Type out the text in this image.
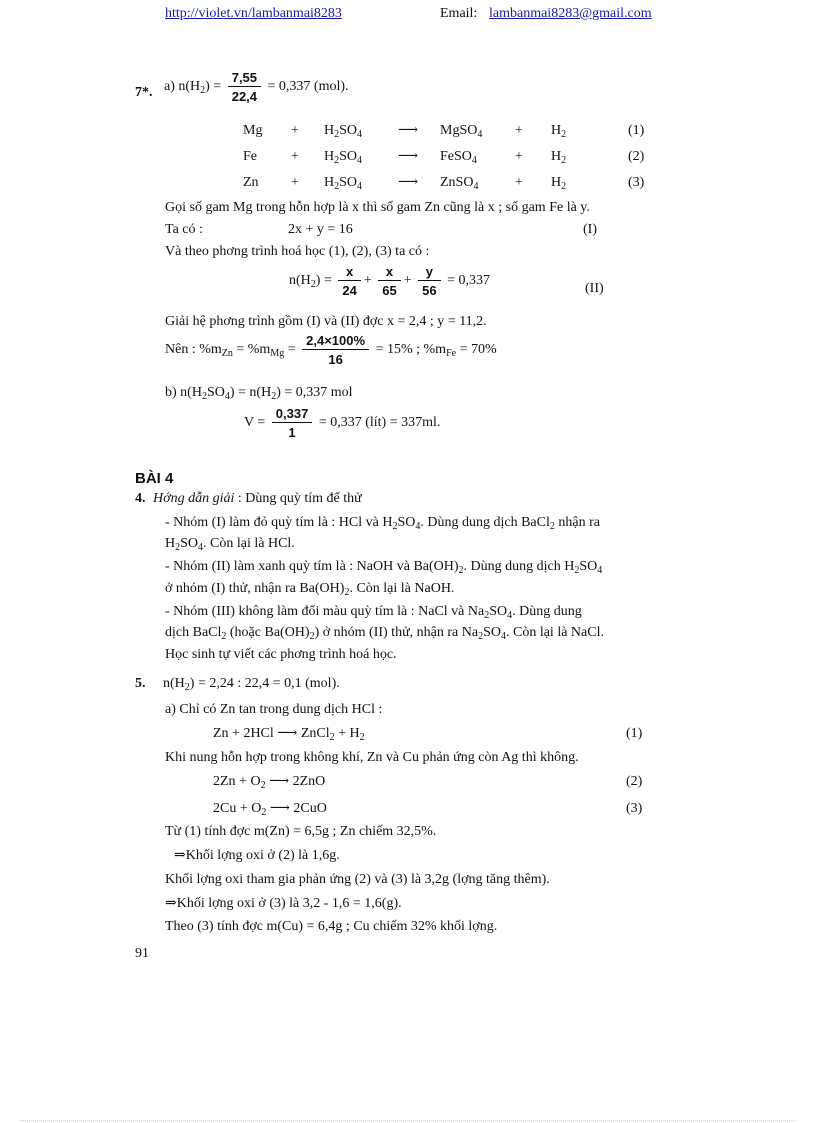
http://violet.vn/lambanmai8283	Email: lambanmai8283@gmail.com
7*. a) $n(H_2) = \frac{7,55}{22,4} = 0,337$ (mol).
$Mg + H_2SO_4$	⟶ MgSO$_4$ + $H_2$	(1)
$Fe + H_2SO_4$	⟶ FeSO$_4$	+ $H_2$	(2)
$Zn + H_2SO_4$	⟶ ZnSO$_4$	+ $H_2$	(3)
Gọi số gam Mg trong hỗn hợp là x thì số gam Zn cũng là x ; số gam Fe là y.
Ta có :	2x + y = 16	(I)
Và theo phơng trình hoá học (1), (2), (3) ta có :
$n(H_2) = \frac{x}{24} + \frac{x}{65} + \frac{y}{56} = 0,337$
(II)
Giải hệ phơng trình gồm (I) và (II) đợc x = 2,4 ; y = 11,2.
Nên : $\%m_{Zn} = \%m_{Mg} = \frac{2,4\times 100\%}{16} = 15\%$ ; $\%m_{Fe} = 70\%$
b) $n(H_2SO_4) = n(H_2) = 0,337$ mol
$V = \frac{0,337}{1} = 0,337$ (lít) = 337ml.
BÀI 4
4. Hớng dẫn giải : Dùng quỳ tím để thử
- Nhóm (I) làm đỏ quỳ tím là : HCl và $H_2SO_4$. Dùng dung dịch BaCl$_2$ nhận ra
$H_2SO_4$. Còn lại là HCl.
- Nhóm (II) làm xanh quỳ tím là : NaOH và $Ba(OH)_2$. Dùng dung dịch $H_2SO_4$
ở nhóm (I) thử, nhận ra $Ba(OH)_2$. Còn lại là NaOH.
- Nhóm (III) không làm đổi màu quỳ tím là : NaCl và $Na_2SO_4$. Dùng dung
dịch BaCl$_2$ (hoặc $Ba(OH)_2$) ở nhóm (II) thử, nhận ra $Na_2SO_4$. Còn lại là NaCl.
Học sinh tự viết các phơng trình hoá học.
5. $n(H_2) = 2,24$ : 22,4 = 0,1 (mol).
a) Chỉ có Zn tan trong dung dịch HCl :
Zn + 2HCl ⟶ ZnCl$_2$ + $H_2$	(1)
Khi nung hỗn hợp trong không khí, Zn và Cu phản ứng còn Ag thì không.
$2Zn + O_2$ ⟶ 2ZnO	(2)
$2Cu + O_2$ ⟶ 2CuO	(3)
Từ (1) tính đợc m(Zn) = 6,5g ; Zn chiếm 32,5%.
⇒Khối lợng oxi ở (2) là 1,6g.
Khối lợng oxi tham gia phản ứng (2) và (3) là 3,2g (lợng tăng thêm).
⇒Khối lợng oxi ở (3) là 3,2 - 1,6 = 1,6(g).
Theo (3) tính đợc m(Cu) = 6,4g ; Cu chiếm 32% khối lợng.
91
